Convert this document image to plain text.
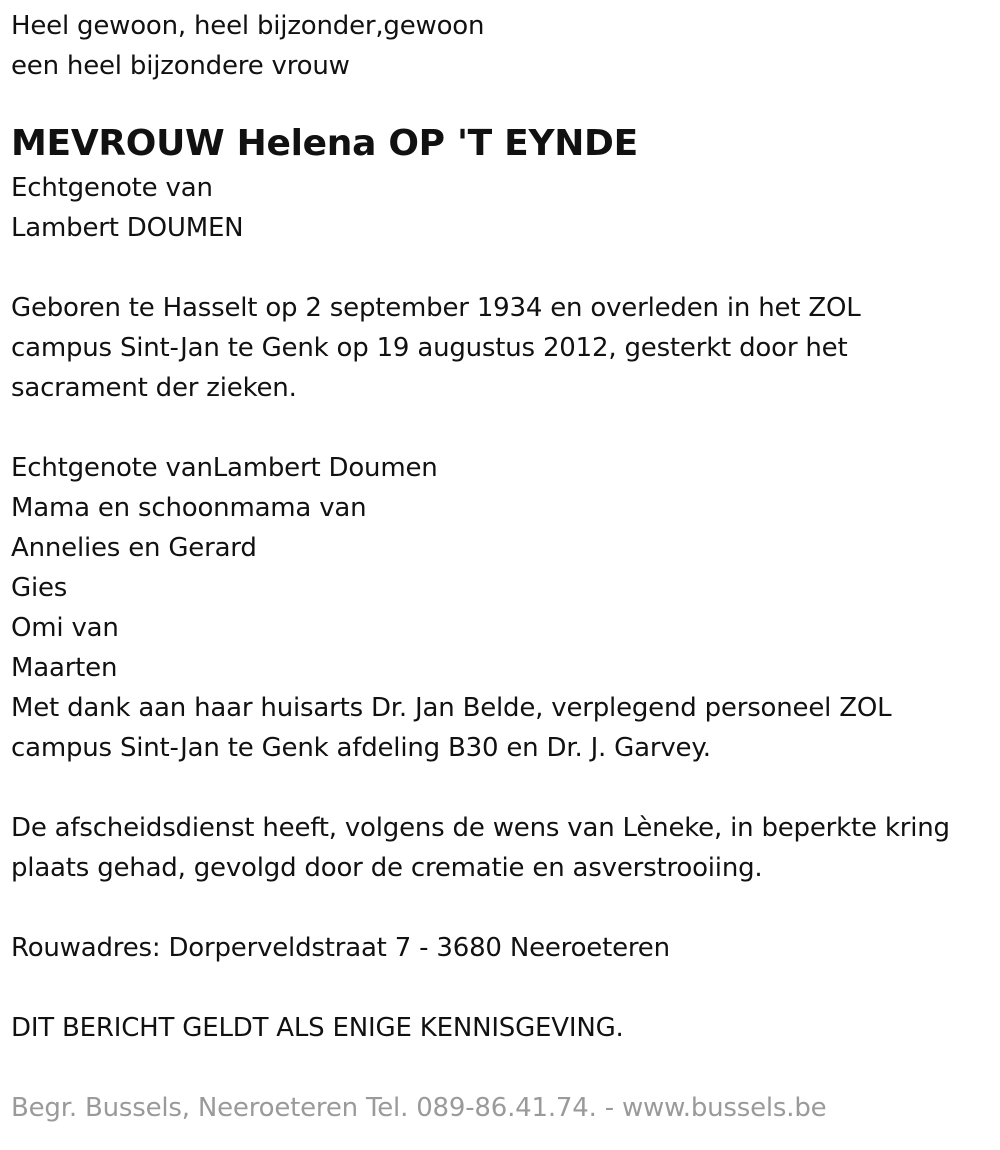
Heel gewoon, heel bijzonder,gewoon
een heel bijzondere vrouw
MEVROUW Helena OP 'T EYNDE
Echtgenote van
Lambert DOUMEN
Geboren te Hasselt op 2 september 1934 en overleden in het ZOL
campus Sint-Jan te Genk op 19 augustus 2012, gesterkt door het
sacrament der zieken.
Echtgenote vanLambert Doumen
Mama en schoonmama van
Annelies en Gerard
Gies
Omi van
Maarten
Met dank aan haar huisarts Dr. Jan Belde, verplegend personeel ZOL
campus Sint-Jan te Genk afdeling B30 en Dr. J. Garvey.
De afscheidsdienst heeft, volgens de wens van Lèneke, in beperkte kring
plaats gehad, gevolgd door de crematie en asverstrooiing.
Rouwadres: Dorperveldstraat 7 - 3680 Neeroeteren
DIT BERICHT GELDT ALS ENIGE KENNISGEVING.
Begr. Bussels, Neeroeteren Tel. 089-86.41.74. - www.bussels.be
